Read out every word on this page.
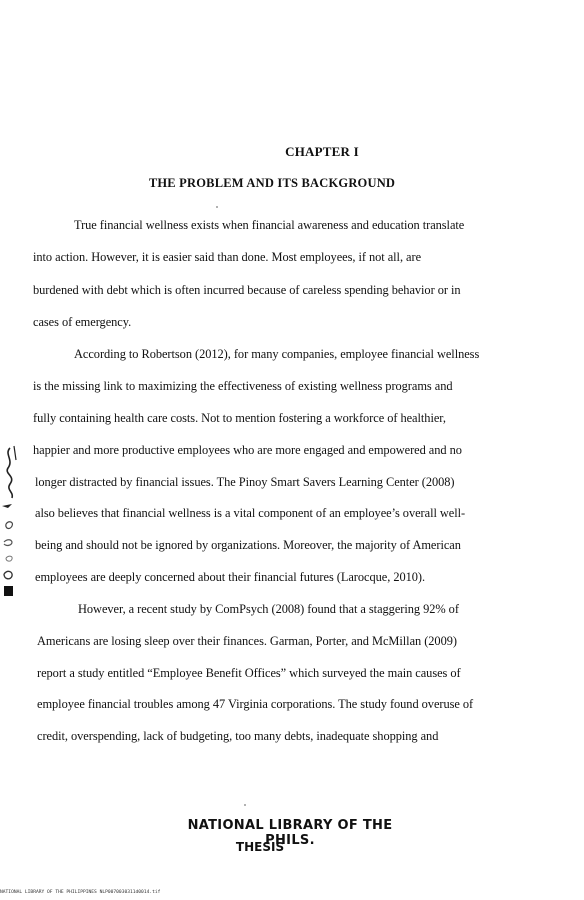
CHAPTER I
THE PROBLEM AND ITS BACKGROUND
True financial wellness exists when financial awareness and education translate
into action. However, it is easier said than done. Most employees, if not all, are
burdened with debt which is often incurred because of careless spending behavior or in
cases of emergency.
According to Robertson (2012), for many companies, employee financial wellness
is the missing link to maximizing the effectiveness of existing wellness programs and
fully containing health care costs. Not to mention fostering a workforce of healthier,
happier and more productive employees who are more engaged and empowered and no
longer distracted by financial issues. The Pinoy Smart Savers Learning Center (2008)
also believes that financial wellness is a vital component of an employee’s overall well-
being and should not be ignored by organizations. Moreover, the majority of American
employees are deeply concerned about their financial futures (Larocque, 2010).
However, a recent study by ComPsych (2008) found that a staggering 92% of
Americans are losing sleep over their finances. Garman, Porter, and McMillan (2009)
report a study entitled “Employee Benefit Offices” which surveyed the main causes of
employee financial troubles among 47 Virginia corporations. The study found overuse of
credit, overspending, lack of budgeting, too many debts, inadequate shopping and
NATIONAL LIBRARY OF THE PHILS.
THESIS
NATIONAL LIBRARY OF THE PHILIPPINES NLP0070030311d0014.tif
